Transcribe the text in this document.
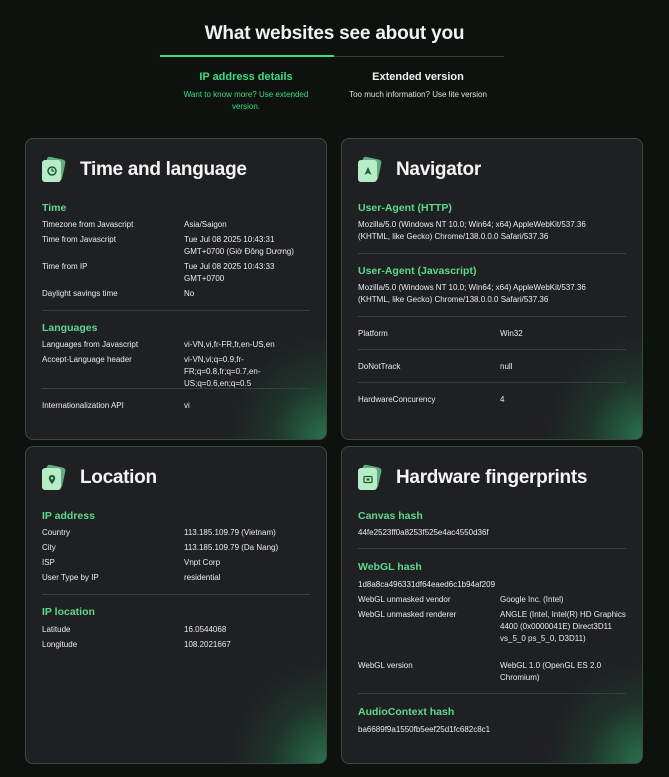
What websites see about you
IP address details
Want to know more? Use extended version.
Extended version
Too much information? Use lite version
Time and language
Time
Timezone from Javascript	Asia/Saigon
Time from Javascript	Tue Jul 08 2025 10:43:31 GMT+0700 (Giờ Đông Dương)
Time from IP	Tue Jul 08 2025 10:43:33 GMT+0700
Daylight savings time	No
Languages
Languages from Javascript	vi-VN,vi,fr-FR,fr,en-US,en
Accept-Language header	vi-VN,vi;q=0.9,fr-FR;q=0.8,fr;q=0.7,en-US;q=0.6,en;q=0.5
Internationalization API	vi
Navigator
User-Agent (HTTP)
Mozilla/5.0 (Windows NT 10.0; Win64; x64) AppleWebKit/537.36 (KHTML, like Gecko) Chrome/138.0.0.0 Safari/537.36
User-Agent (Javascript)
Mozilla/5.0 (Windows NT 10.0; Win64; x64) AppleWebKit/537.36 (KHTML, like Gecko) Chrome/138.0.0.0 Safari/537.36
Platform	Win32
DoNotTrack	null
HardwareConcurency	4
Location
IP address
Country	113.185.109.79 (Vietnam)
City	113.185.109.79 (Da Nang)
ISP	Vnpt Corp
User Type by IP	residential
IP location
Latitude	16.0544068
Longitude	108.2021667
Hardware fingerprints
Canvas hash
44fe2523ff0a8253f525e4ac4550d36f
WebGL hash
1d8a8ca496331df64eaed6c1b94af209
WebGL unmasked vendor	Google Inc. (Intel)
WebGL unmasked renderer	ANGLE (Intel, Intel(R) HD Graphics 4400 (0x0000041E) Direct3D11 vs_5_0 ps_5_0, D3D11)
WebGL version	WebGL 1.0 (OpenGL ES 2.0 Chromium)
AudioContext hash
ba6689f9a1550fb5eef25d1fc682c8c1
